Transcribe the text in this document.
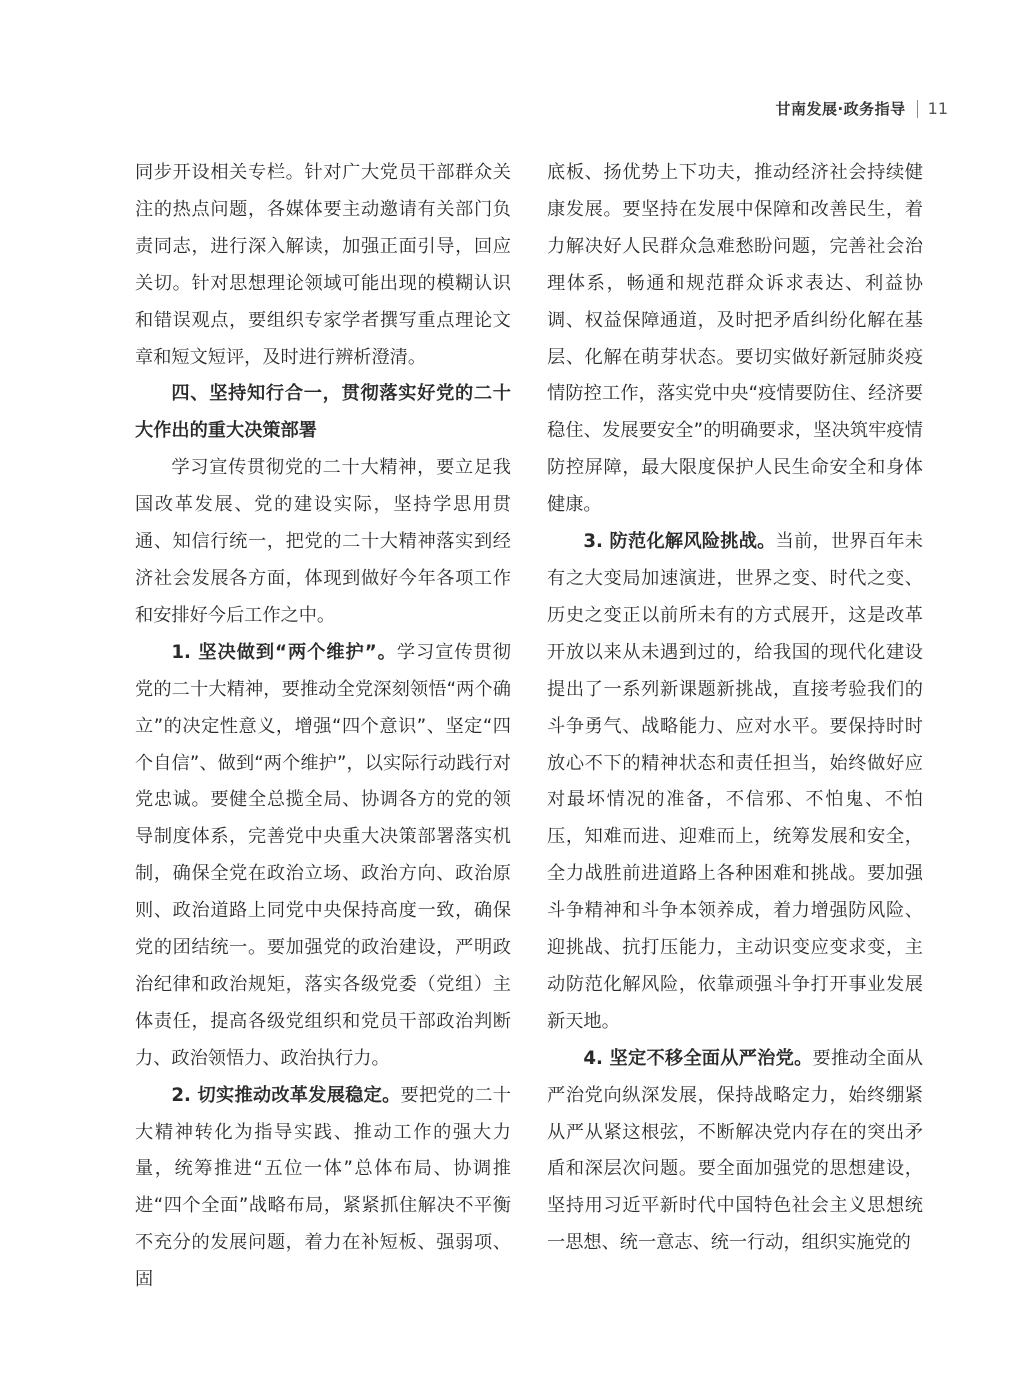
甘南发展·政务指导 11

同步开设相关专栏。针对广大党员干部群众关注的热点问题，各媒体要主动邀请有关部门负责同志，进行深入解读，加强正面引导，回应关切。针对思想理论领域可能出现的模糊认识和错误观点，要组织专家学者撰写重点理论文章和短文短评，及时进行辨析澄清。

四、坚持知行合一，贯彻落实好党的二十大作出的重大决策部署

学习宣传贯彻党的二十大精神，要立足我国改革发展、党的建设实际，坚持学思用贯通、知信行统一，把党的二十大精神落实到经济社会发展各方面，体现到做好今年各项工作和安排好今后工作之中。

1. 坚决做到“两个维护”。学习宣传贯彻党的二十大精神，要推动全党深刻领悟“两个确立”的决定性意义，增强“四个意识”、坚定“四个自信”、做到“两个维护”，以实际行动践行对党忠诚。要健全总揽全局、协调各方的党的领导制度体系，完善党中央重大决策部署落实机制，确保全党在政治立场、政治方向、政治原则、政治道路上同党中央保持高度一致，确保党的团结统一。要加强党的政治建设，严明政治纪律和政治规矩，落实各级党委（党组）主体责任，提高各级党组织和党员干部政治判断力、政治领悟力、政治执行力。

2. 切实推动改革发展稳定。要把党的二十大精神转化为指导实践、推动工作的强大力量，统筹推进“五位一体”总体布局、协调推进“四个全面”战略布局，紧紧抓住解决不平衡不充分的发展问题，着力在补短板、强弱项、固

底板、扬优势上下功夫，推动经济社会持续健康发展。要坚持在发展中保障和改善民生，着力解决好人民群众急难愁盼问题，完善社会治理体系，畅通和规范群众诉求表达、利益协调、权益保障通道，及时把矛盾纠纷化解在基层、化解在萌芽状态。要切实做好新冠肺炎疫情防控工作，落实党中央“疫情要防住、经济要稳住、发展要安全”的明确要求，坚决筑牢疫情防控屏障，最大限度保护人民生命安全和身体健康。

3. 防范化解风险挑战。当前，世界百年未有之大变局加速演进，世界之变、时代之变、历史之变正以前所未有的方式展开，这是改革开放以来从未遇到过的，给我国的现代化建设提出了一系列新课题新挑战，直接考验我们的斗争勇气、战略能力、应对水平。要保持时时放心不下的精神状态和责任担当，始终做好应对最坏情况的准备，不信邪、不怕鬼、不怕压，知难而进、迎难而上，统筹发展和安全，全力战胜前进道路上各种困难和挑战。要加强斗争精神和斗争本领养成，着力增强防风险、迎挑战、抗打压能力，主动识变应变求变，主动防范化解风险，依靠顽强斗争打开事业发展新天地。

4. 坚定不移全面从严治党。要推动全面从严治党向纵深发展，保持战略定力，始终绷紧从严从紧这根弦，不断解决党内存在的突出矛盾和深层次问题。要全面加强党的思想建设，坚持用习近平新时代中国特色社会主义思想统一思想、统一意志、统一行动，组织实施党的
